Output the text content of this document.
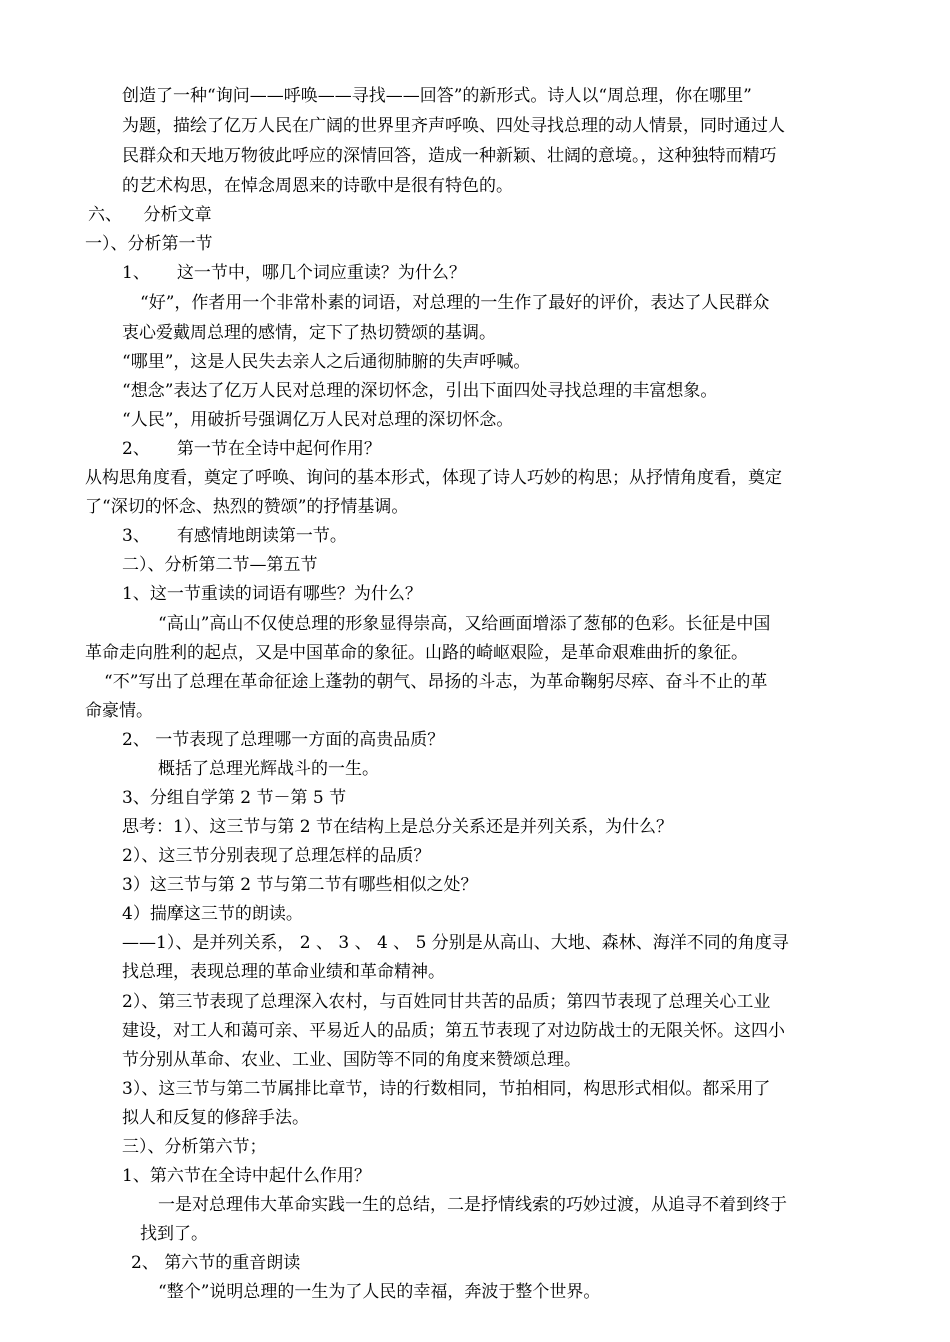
创造了一种“询问——呼唤——寻找——回答”的新形式。诗人以“周总理，你在哪里”
为题，描绘了亿万人民在广阔的世界里齐声呼唤、四处寻找总理的动人情景，同时通过人
民群众和天地万物彼此呼应的深情回答，造成一种新颖、壮阔的意境。，这种独特而精巧
的艺术构思，在悼念周恩来的诗歌中是很有特色的。
六、    分析文章
一）、分析第一节
1、     这一节中，哪几个词应重读？为什么？
“好”，作者用一个非常朴素的词语，对总理的一生作了最好的评价，表达了人民群众
衷心爱戴周总理的感情，定下了热切赞颂的基调。
“哪里”，这是人民失去亲人之后通彻肺腑的失声呼喊。
“想念”表达了亿万人民对总理的深切怀念，引出下面四处寻找总理的丰富想象。
“人民”，用破折号强调亿万人民对总理的深切怀念。
2、     第一节在全诗中起何作用？
从构思角度看，奠定了呼唤、询问的基本形式，体现了诗人巧妙的构思；从抒情角度看，奠定
了“深切的怀念、热烈的赞颂”的抒情基调。
3、     有感情地朗读第一节。
二）、分析第二节—第五节
1、这一节重读的词语有哪些？为什么？
“高山”高山不仅使总理的形象显得崇高，又给画面增添了葱郁的色彩。长征是中国
革命走向胜利的起点，又是中国革命的象征。山路的崎岖艰险，是革命艰难曲折的象征。
“不”写出了总理在革命征途上蓬勃的朝气、昂扬的斗志，为革命鞠躬尽瘁、奋斗不止的革
命豪情。
2、 一节表现了总理哪一方面的高贵品质？
概括了总理光辉战斗的一生。
3、分组自学第 2 节－第 5 节
思考：1）、这三节与第 2 节在结构上是总分关系还是并列关系，为什么？
2）、这三节分别表现了总理怎样的品质？
3）这三节与第 2 节与第二节有哪些相似之处？
4）揣摩这三节的朗读。
——1）、是并列关系， 2 、 3 、 4 、 5 分别是从高山、大地、森林、海洋不同的角度寻
找总理，表现总理的革命业绩和革命精神。
2）、第三节表现了总理深入农村，与百姓同甘共苦的品质；第四节表现了总理关心工业
建设，对工人和蔼可亲、平易近人的品质；第五节表现了对边防战士的无限关怀。这四小
节分别从革命、农业、工业、国防等不同的角度来赞颂总理。
3）、这三节与第二节属排比章节，诗的行数相同，节拍相同，构思形式相似。都采用了
拟人和反复的修辞手法。
三）、分析第六节；
1、第六节在全诗中起什么作用？
一是对总理伟大革命实践一生的总结，二是抒情线索的巧妙过渡，从追寻不着到终于
找到了。
2、 第六节的重音朗读
“整个”说明总理的一生为了人民的幸福，奔波于整个世界。
